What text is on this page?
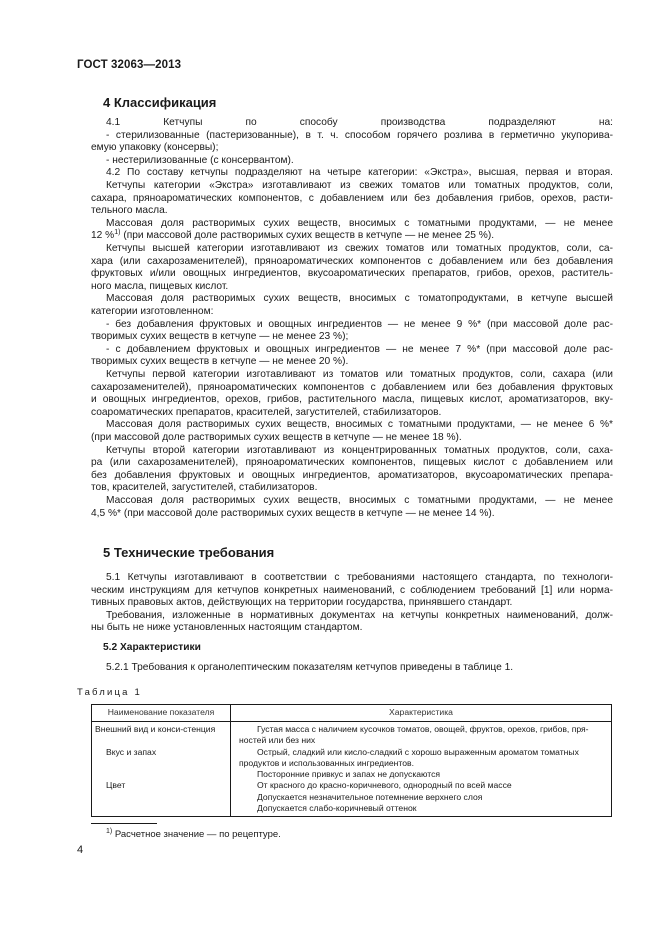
ГОСТ 32063—2013
4 Классификация
4.1 Кетчупы по способу производства подразделяют на:
- стерилизованные (пастеризованные), в т. ч. способом горячего розлива в герметично укупорива-
емую упаковку (консервы);
- нестерилизованные (с консервантом).
4.2 По составу кетчупы подразделяют на четыре категории: «Экстра», высшая, первая и вторая.
Кетчупы категории «Экстра» изготавливают из свежих томатов или томатных продуктов, соли,
сахара, пряноароматических компонентов, с добавлением или без добавления грибов, орехов, расти-
тельного масла.
Массовая доля растворимых сухих веществ, вносимых с томатными продуктами, — не менее
12 %$^{1)}$ (при массовой доле растворимых сухих веществ в кетчупе — не менее 25 %).
Кетчупы высшей категории изготавливают из свежих томатов или томатных продуктов, соли, са-
хара (или сахарозаменителей), пряноароматических компонентов с добавлением или без добавления
фруктовых и/или овощных ингредиентов, вкусоароматических препаратов, грибов, орехов, раститель-
ного масла, пищевых кислот.
Массовая доля растворимых сухих веществ, вносимых с томатопродуктами, в кетчупе высшей
категории изготовленном:
- без добавления фруктовых и овощных ингредиентов — не менее 9 %* (при массовой доле рас-
творимых сухих веществ в кетчупе — не менее 23 %);
- с добавлением фруктовых и овощных ингредиентов — не менее 7 %* (при массовой доле рас-
творимых сухих веществ в кетчупе — не менее 20 %).
Кетчупы первой категории изготавливают из томатов или томатных продуктов, соли, сахара (или
сахарозаменителей), пряноароматических компонентов с добавлением или без добавления фруктовых
и овощных ингредиентов, орехов, грибов, растительного масла, пищевых кислот, ароматизаторов, вку-
соароматических препаратов, красителей, загустителей, стабилизаторов.
Массовая доля растворимых сухих веществ, вносимых с томатными продуктами, — не менее 6 %*
(при массовой доле растворимых сухих веществ в кетчупе — не менее 18 %).
Кетчупы второй категории изготавливают из концентрированных томатных продуктов, соли, саха-
ра (или сахарозаменителей), пряноароматических компонентов, пищевых кислот с добавлением или
без добавления фруктовых и овощных ингредиентов, ароматизаторов, вкусоароматических препара-
тов, красителей, загустителей, стабилизаторов.
Массовая доля растворимых сухих веществ, вносимых с томатными продуктами, — не менее
4,5 %* (при массовой доле растворимых сухих веществ в кетчупе — не менее 14 %).
5 Технические требования
5.1 Кетчупы изготавливают в соответствии с требованиями настоящего стандарта, по технологи-
ческим инструкциям для кетчупов конкретных наименований, с соблюдением требований [1] или норма-
тивных правовых актов, действующих на территории государства, принявшего стандарт.
Требования, изложенные в нормативных документах на кетчупы конкретных наименований, долж-
ны быть не ниже установленных настоящим стандартом.
5.2 Характеристики
5.2.1 Требования к органолептическим показателям кетчупов приведены в таблице 1.
Таблица 1
Наименование показателя	Характеристика
Внешний вид и конси-стенция	Густая масса с наличием кусочков томатов, овощей, фруктов, орехов, грибов, пря-ностей или без них

Вкус и запах	Острый, сладкий или кисло-сладкий с хорошо выраженным ароматом томатных продуктов и использованных ингредиентов.
Посторонние привкус и запах не допускаются

Цвет	От красного до красно-коричневого, однородный по всей массе
Допускается незначительное потемнение верхнего слоя
Допускается слабо-коричневый оттенок
$^{1)}$ Расчетное значение — по рецептуре.
4
